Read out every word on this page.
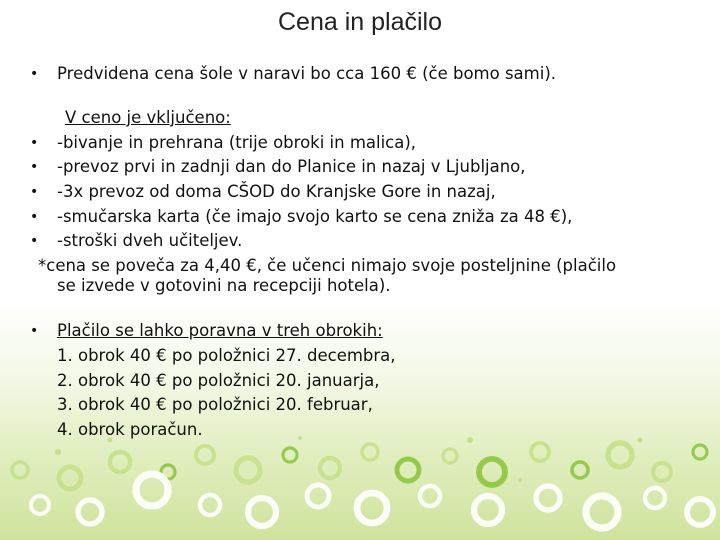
Cena in plačilo
• Predvidena cena šole v naravi bo cca 160 € (če bomo sami).
V ceno je vključeno:
• -bivanje in prehrana (trije obroki in malica),
• -prevoz prvi in zadnji dan do Planice in nazaj v Ljubljano,
• -3x prevoz od doma CŠOD do Kranjske Gore in nazaj,
• -smučarska karta (če imajo svojo karto se cena zniža za 48 €),
• -stroški dveh učiteljev.
*cena se poveča za 4,40 €, če učenci nimajo svoje posteljnine (plačilo
se izvede v gotovini na recepciji hotela).
• Plačilo se lahko poravna v treh obrokih:
1. obrok 40 € po položnici 27. decembra,
2. obrok 40 € po položnici 20. januarja,
3. obrok 40 € po položnici 20. februar,
4. obrok poračun.
